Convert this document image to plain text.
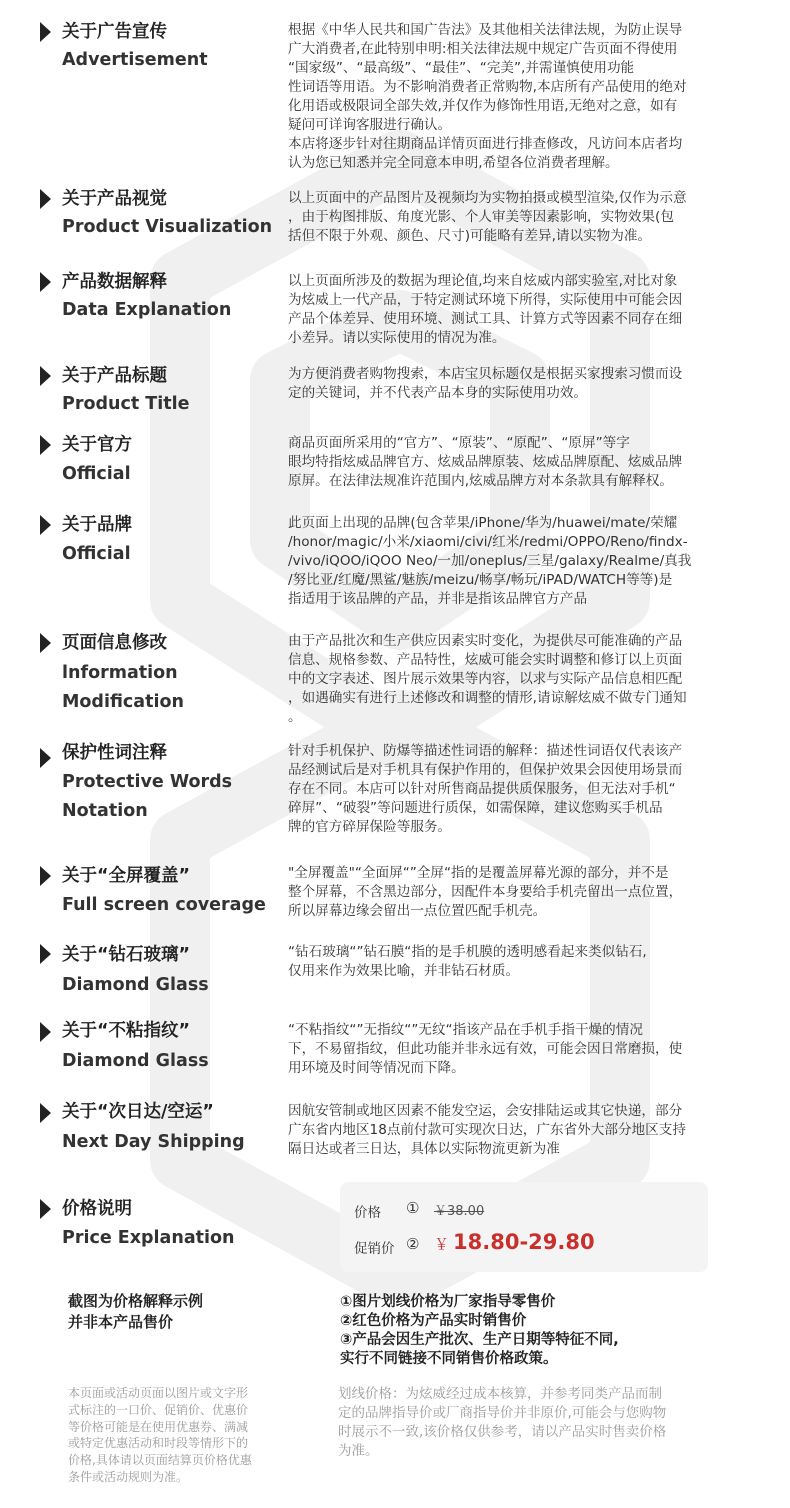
关于广告宣传
Advertisement
根据《中华人民共和国广告法》及其他相关法律法规，为防止误导
广大消费者,在此特别申明:相关法律法规中规定广告页面不得使用
“国家级”、“最高级”、“最佳”、“完美”,并需谨慎使用功能
性词语等用语。为不影响消费者正常购物,本店所有产品使用的绝对
化用语或极限词全部失效,并仅作为修饰性用语,无绝对之意，如有
疑问可详询客服进行确认。
本店将逐步针对往期商品详情页面进行排查修改，凡访问本店者均
认为您已知悉并完全同意本申明,希望各位消费者理解。
关于产品视觉
Product Visualization
以上页面中的产品图片及视频均为实物拍摄或模型渲染,仅作为示意
，由于构图排版、角度光影、个人审美等因素影响，实物效果(包
括但不限于外观、颜色、尺寸)可能略有差异,请以实物为准。
产品数据解释
Data Explanation
以上页面所涉及的数据为理论值,均来自炫威内部实验室,对比对象
为炫威上一代产品，于特定测试环境下所得，实际使用中可能会因
产品个体差异、使用环境、测试工具、计算方式等因素不同存在细
小差异。请以实际使用的情况为准。
关于产品标题
Product Title
为方便消费者购物搜索，本店宝贝标题仅是根据买家搜索习惯而设
定的关键词，并不代表产品本身的实际使用功效。
关于官方
Official
商品页面所采用的“官方”、“原装”、“原配”、“原屏”等字
眼均特指炫威品牌官方、炫威品牌原装、炫威品牌原配、炫威品牌
原屏。在法律法规准许范围内,炫威品牌方对本条款具有解释权。
关于品牌
Official
此页面上出现的品牌(包含苹果/iPhone/华为/huawei/mate/荣耀
/honor/magic/小米/xiaomi/civi/红米/redmi/OPPO/Reno/findx-
/vivo/iQOO/iQOO Neo/一加/oneplus/三星/galaxy/Realme/真我
/努比亚/红魔/黑鲨/魅族/meizu/畅享/畅玩/iPAD/WATCH等等)是
指适用于该品牌的产品，并非是指该品牌官方产品
页面信息修改
lnformation
Modification
由于产品批次和生产供应因素实时变化，为提供尽可能准确的产品
信息、规格参数、产品特性，炫威可能会实时调整和修订以上页面
中的文字表述、图片展示效果等内容，以求与实际产品信息相匹配
，如遇确实有进行上述修改和调整的情形,请谅解炫威不做专门通知
。
保护性词注释
Protective Words
Notation
针对手机保护、防爆等描述性词语的解释：描述性词语仅代表该产
品经测试后是对手机具有保护作用的，但保护效果会因使用场景而
存在不同。本店可以针对所售商品提供质保服务，但无法对手机“
碎屏”、“破裂”等问题进行质保，如需保障，建议您购买手机品
牌的官方碎屏保险等服务。
关于“全屏覆盖”
Full screen coverage
"全屏覆盖"“全面屏“”全屏“指的是覆盖屏幕光源的部分，并不是
整个屏幕，不含黑边部分，因配件本身要给手机壳留出一点位置，
所以屏幕边缘会留出一点位置匹配手机壳。
关于“钻石玻璃”
Diamond Glass
“钻石玻璃“”钻石膜“指的是手机膜的透明感看起来类似钻石,
仅用来作为效果比喻，并非钻石材质。
关于“不粘指纹”
Diamond Glass
“不粘指纹“”无指纹“”无纹“指该产品在手机手指干燥的情况
下，不易留指纹，但此功能并非永远有效，可能会因日常磨损，使
用环境及时间等情况而下降。
关于“次日达/空运”
Next Day Shipping
因航安管制或地区因素不能发空运，会安排陆运或其它快递，部分
广东省内地区18点前付款可实现次日达，广东省外大部分地区支持
隔日达或者三日达，具体以实际物流更新为准
价格说明
Price Explanation
价格 ① ￥38.00
促销价 ② ￥ 18.80-29.80
截图为价格解释示例
并非本产品售价
①图片划线价格为厂家指导零售价
②红色价格为产品实时销售价
③产品会因生产批次、生产日期等特征不同,
实行不同链接不同销售价格政策。
本页面或活动页面以图片或文字形
式标注的一口价、促销价、优惠价
等价格可能是在使用优惠券、满减
或特定优惠活动和时段等情形下的
价格,具体请以页面结算页价格优惠
条件或活动规则为准。
划线价格：为炫威经过成本核算，并参考同类产品而制
定的品牌指导价或厂商指导价并非原价,可能会与您购物
时展示不一致,该价格仅供参考，请以产品实时售卖价格
为准。
